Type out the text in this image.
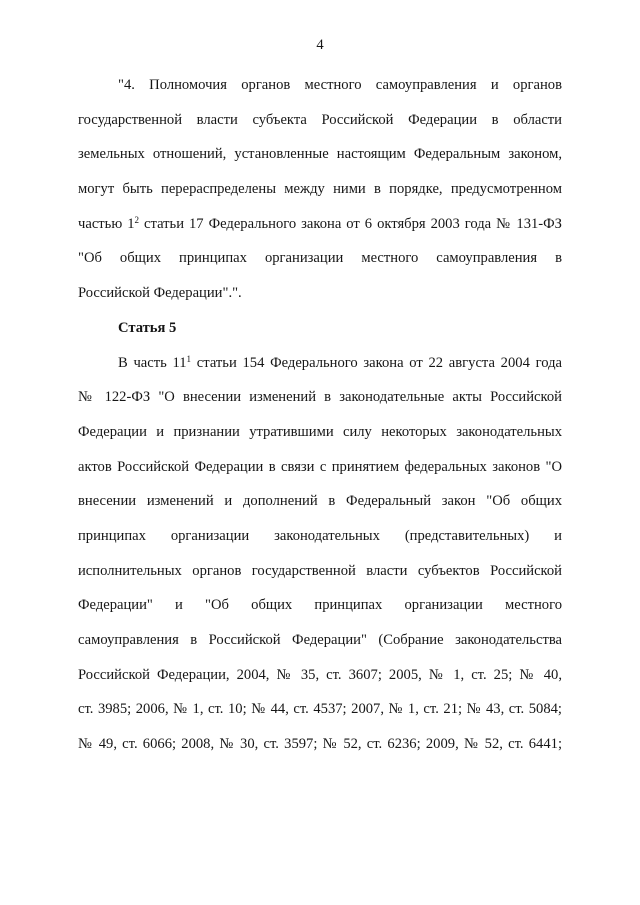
4
"4. Полномочия органов местного самоуправления и органов
государственной власти субъекта Российской Федерации в области
земельных отношений, установленные настоящим Федеральным законом,
могут быть перераспределены между ними в порядке, предусмотренном
частью $1^2$ статьи 17 Федерального закона от 6 октября 2003 года № 131-ФЗ
"Об общих принципах организации местного самоуправления в
Российской Федерации".".
Статья 5
В часть $11^1$ статьи 154 Федерального закона от 22 августа 2004 года
№ 122-ФЗ "О внесении изменений в законодательные акты Российской
Федерации и признании утратившими силу некоторых законодательных
актов Российской Федерации в связи с принятием федеральных законов "О
внесении изменений и дополнений в Федеральный закон "Об общих
принципах организации законодательных (представительных) и
исполнительных органов государственной власти субъектов Российской
Федерации" и "Об общих принципах организации местного
самоуправления в Российской Федерации" (Собрание законодательства
Российской Федерации, 2004, № 35, ст. 3607; 2005, № 1, ст. 25; № 40,
ст. 3985; 2006, № 1, ст. 10; № 44, ст. 4537; 2007, № 1, ст. 21; № 43, ст. 5084;
№ 49, ст. 6066; 2008, № 30, ст. 3597; № 52, ст. 6236; 2009, № 52, ст. 6441;
